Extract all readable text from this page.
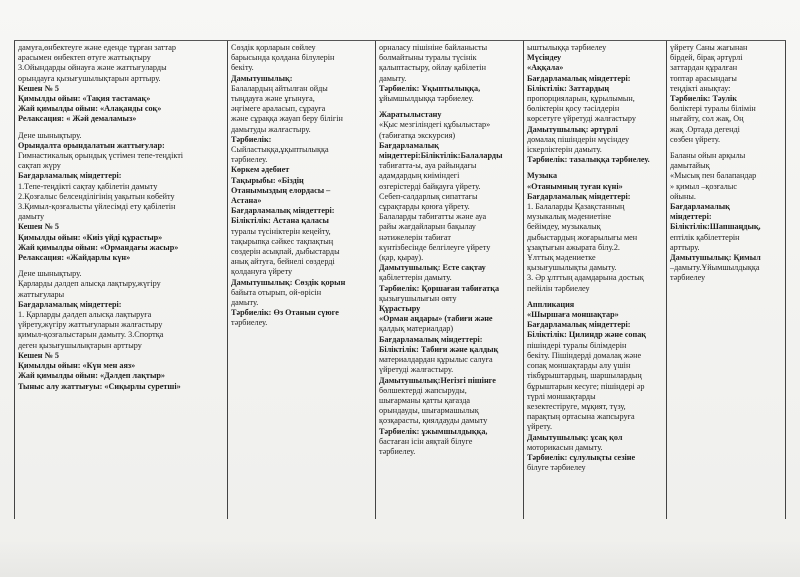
дамуға,өнбектеуге және еденде тұрған заттар

арасымен өнбектеп өтуге жаттықтыру

3.Ойындарды ойнауға және жаттығуларды

орындауға қызығушылықтарын арттыру.

Кешен № 5

Қимылды ойын: «Тақия тастамақ»

Жай қимылды ойын: «Алақанды соқ»

Релаксация: « Жәй демаламыз»

Дене шынықтыру.

Орындалта орындалатын жаттығулар:

Гимнастикалық орындық үстімен тепе-теңдікті

сақтап жүру

Бағдарламалық міндеттері:

1.Тепе-теңдікті сақтау қабілетін дамыту

2.Қозғалыс белсенділігінің уақытын көбейту

3.Қимыл-қозғалысты үйлесімді ету қабілетін

дамыту

Кешен № 5

Қимылды ойын: «Киіз үйді құрастыр»

Жай қимылды ойын: «Ормандағы жасыр»

Релаксация: «Жайдарлы күн»

Дене шынықтыру.

Қарларды дәлдеп алысқа лақтыру,жүгіру

жаттығулары

Бағдарламалық міндеттері:

1. Қарларды дәлдеп алысқа лақтыруға

үйрету,жүгіру жаттығуларын жалғастыру

қимыл-қозғалыстарын дамыту. 3.Спортқа

деген қызығушылықтарын арттыру

Кешен № 5

Қимылды ойын: «Күн мен аяз»

Жай қимылды ойын: «Дәлдеп лақтыр»

Тыныс алу жаттығуы: «Сиқырлы суретші»

Сөздік қорларын сөйлеу

барысында қолдана білулерін

бекіту.

Дамытушылық:

Балалардың айтылған ойды

тыңдауға және ұғынуға,

әңгімеге араласып, сұрауға

және сұраққа жауап беру білігін

дамытуды жалғастыру.

Тәрбиелік:

Сыйластыққа,ұқыптылыққа

тәрбиелеу.

Көркем әдебиет

Тақырыбы: «Біздің

Отанымыздың елордасы –

Астана»

Бағдарламалық міндеттері:

Біліктілік: Астана қаласы

туралы түсініктерін кеңейту,

тақырыпқа сәйкес тақпақтың

сөздерін асықпай, дыбыстарды

анық айтуға, бейнелі сөздерді

қолдануға үйрету

Дамытушылық: Сөздік қорын

байыта отырып, ой-өрісін

дамыту.

Тәрбиелік: Өз Отанын сүюге

тәрбиелеу.

орналасу пішініне байланысты

болмайтыны туралы түсінік

қалыптастыру, ойлау қабілетін

дамыту.

Тәрбиелік: Ұқыптылыққа,

ұйымшылдыққа тәрбиелеу.

Жаратылыстану

«Қыс мезгіліндегі құбылыстар»

(табиғатқа экскурсия)

Бағдарламалық

міндеттері:Біліктілік:Балаларды

табиғатта-ы, ауа райындағы

адамдардың киіміндегі

өзгерістерді байқауға үйрету.

Себеп-салдарлық сипаттағы

сұрақтарды қоюға үйрету.

Балаларды табиғатты және ауа

райы жағдайларын бақылау

нәтижелерін табиғат

күнтізбесінде белгілеуге үйрету

(қар, қырау).

Дамытушылық: Есте сақтау

қабілеттерін дамыту.

Тәрбиелік: Қоршаған табиғатқа

қызығушылығын ояту

Құрастыру

«Орман аңдары» (табиғи және

қалдық материалдар)

Бағдарламалық міндеттері:

Біліктілік: Табиғи және қалдық

материалдардан құрылыс салуға

үйретуді жалғастыру.

Дамытушылық:Негізгі пішінге

бөлшектерді жапсыруды,

шығарманы қатты қағазда

орындауды, шығармашылық

қозқарасты, қиялдауды дамыту

Тәрбиелік: ұжымшылдыққа,

бастаған ісін аяқтай білуге

тәрбиелеу.

ыштылыққа тәрбиелеу

Мүсіндеу

«Аққала»

Бағдарламалық міндеттері:

Біліктілік: Заттардың

пропорцияларын, құрылымын,

бөліктерін қосу тәсілдерін

көрсетуге үйретуді жалғастыру

Дамытушылық: әртүрлі

домалақ пішіндерін мүсіндеу

іскерліктерін дамыту.

Тәрбиелік: тазалыққа тәрбиелеу.

Музыка

«Отанымның туған күні»

Бағдарламалық міндеттері:

1. Балаларды Қазақстанның

музыкалық мәдениетіне

бейімдеу, музыкалық

дыбыстардың жоғарылығы мен

ұзақтығын ажырата білу.2.

Ұлттық мәдениетке

қызығушылықты дамыту.

3. Әр ұлттың адамдарына достық

пейілін тәрбиелеу

Аппликация

«Шыршаға моншақтар»

Бағдарламалық міндеттері:

Біліктілік: Цилиндр және сопақ

пішіндері туралы білімдерін

бекіту. Пішіндерді домалақ және

сопақ моншақтарды алу үшін

тікбұрыштардың, шаршылардың

бұрыштарын кесуге; пішіндері әр

түрлі моншақтарды

кезектестіруге, мұқият, түзу,

парақтың ортасына жапсыруға

үйрету.

Дамытушылық: ұсақ қол

моторикасын дамыту.

Тәрбиелік: сұлулықты сезіне

білуге тәрбиелеу

үйрету Саны жағынан

бірдей, бірақ әртүрлі

заттардан құралған

топтар арасындағы

теңдікті анықтау:

Тәрбиелік: Тәулік

бөліктері туралы білімін

нығайту, сол жақ, Оң

жақ .Ортада дегенді

сөзбен үйрету.

Баланы ойын арқылы

дамытайық

«Мысық пен балапандар

» қимыл –қозғалыс

ойыны.

Бағдарламалық

міндеттері:

Біліктілік:Шапшаңдық,

ептілік қабілеттерін

арттыру.

Дамытушылық: Қимыл

–дамыту.Ұйымшылдыққа

тәрбиелеу
